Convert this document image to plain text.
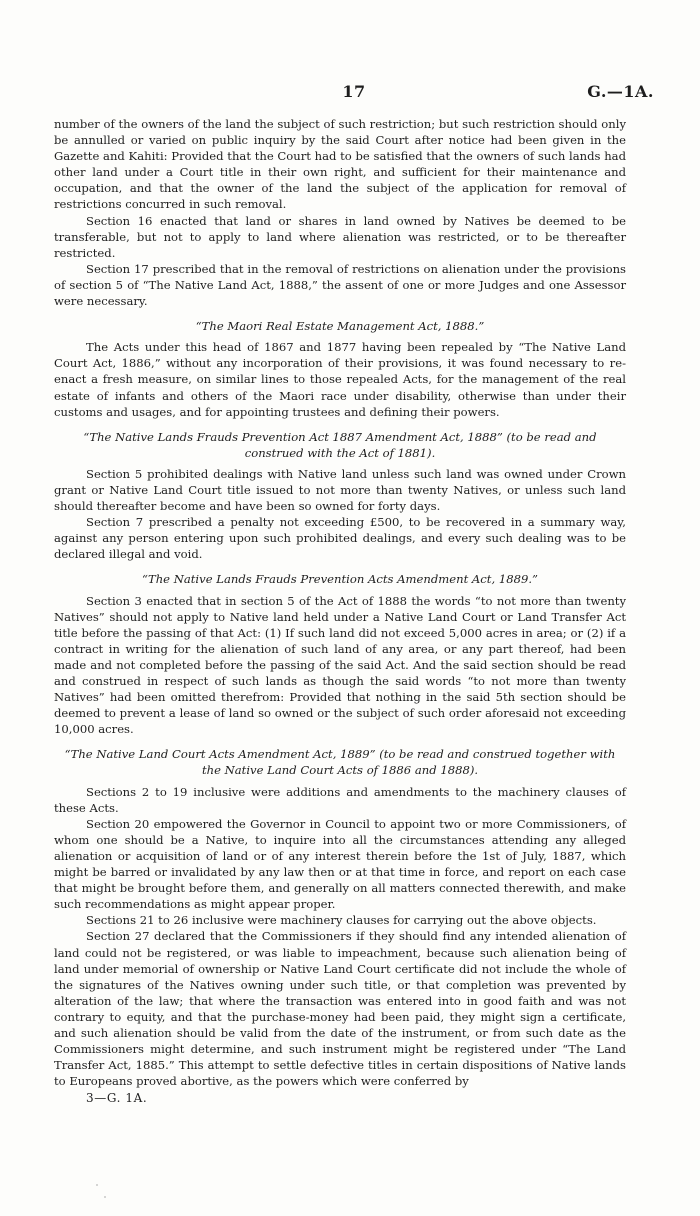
17	G.—1A.

number of the owners of the land the subject of such restriction; but such restriction should only be annulled or varied on public inquiry by the said Court after notice had been given in the Gazette and Kahiti: Provided that the Court had to be satisfied that the owners of such lands had other land under a Court title in their own right, and sufficient for their maintenance and occupation, and that the owner of the land the subject of the application for removal of restrictions concurred in such removal.

Section 16 enacted that land or shares in land owned by Natives be deemed to be transferable, but not to apply to land where alienation was restricted, or to be thereafter restricted.

Section 17 prescribed that in the removal of restrictions on alienation under the provisions of section 5 of “The Native Land Act, 1888,” the assent of one or more Judges and one Assessor were necessary.

“The Maori Real Estate Management Act, 1888.”

The Acts under this head of 1867 and 1877 having been repealed by “The Native Land Court Act, 1886,” without any incorporation of their provisions, it was found necessary to re-enact a fresh measure, on similar lines to those repealed Acts, for the management of the real estate of infants and others of the Maori race under disability, otherwise than under their customs and usages, and for appointing trustees and defining their powers.

“The Native Lands Frauds Prevention Act 1887 Amendment Act, 1888” (to be read and construed with the Act of 1881).

Section 5 prohibited dealings with Native land unless such land was owned under Crown grant or Native Land Court title issued to not more than twenty Natives, or unless such land should thereafter become and have been so owned for forty days.

Section 7 prescribed a penalty not exceeding £500, to be recovered in a summary way, against any person entering upon such prohibited dealings, and every such dealing was to be declared illegal and void.

“The Native Lands Frauds Prevention Acts Amendment Act, 1889.”

Section 3 enacted that in section 5 of the Act of 1888 the words “to not more than twenty Natives” should not apply to Native land held under a Native Land Court or Land Transfer Act title before the passing of that Act: (1) If such land did not exceed 5,000 acres in area; or (2) if a contract in writing for the alienation of such land of any area, or any part thereof, had been made and not completed before the passing of the said Act. And the said section should be read and construed in respect of such lands as though the said words “to not more than twenty Natives” had been omitted therefrom: Provided that nothing in the said 5th section should be deemed to prevent a lease of land so owned or the subject of such order aforesaid not exceeding 10,000 acres.

“The Native Land Court Acts Amendment Act, 1889” (to be read and construed together with the Native Land Court Acts of 1886 and 1888).

Sections 2 to 19 inclusive were additions and amendments to the machinery clauses of these Acts.

Section 20 empowered the Governor in Council to appoint two or more Commissioners, of whom one should be a Native, to inquire into all the circumstances attending any alleged alienation or acquisition of land or of any interest therein before the 1st of July, 1887, which might be barred or invalidated by any law then or at that time in force, and report on each case that might be brought before them, and generally on all matters connected therewith, and make such recommendations as might appear proper.

Sections 21 to 26 inclusive were machinery clauses for carrying out the above objects.

Section 27 declared that the Commissioners if they should find any intended alienation of land could not be registered, or was liable to impeachment, because such alienation being of land under memorial of ownership or Native Land Court certificate did not include the whole of the signatures of the Natives owning under such title, or that completion was prevented by alteration of the law; that where the transaction was entered into in good faith and was not contrary to equity, and that the purchase-money had been paid, they might sign a certificate, and such alienation should be valid from the date of the instrument, or from such date as the Commissioners might determine, and such instrument might be registered under “The Land Transfer Act, 1885.” This attempt to settle defective titles in certain dispositions of Native lands to Europeans proved abortive, as the powers which were conferred by

3—G. 1A.
